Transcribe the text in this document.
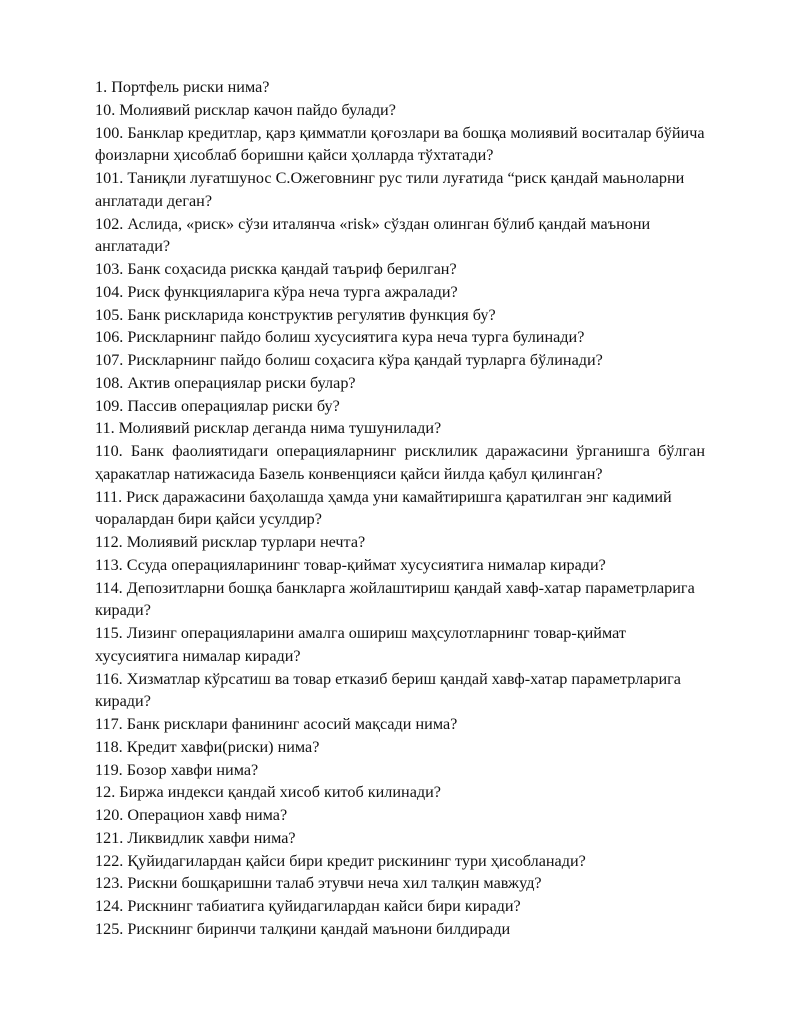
1. Портфель риски нима?

10. Молиявий рисклар качон пайдо булади?

100. Банклар кредитлар, қарз қимматли қоғозлари ва бошқа молиявий воситалар бўйича фоизларни ҳисоблаб боришни қайси ҳолларда тўхтатади?

101. Таниқли луғатшунос С.Ожеговнинг рус тили луғатида “риск қандай маьноларни англатади деган?

102. Аслида, «риск» сўзи италянча «risk» сўздан олинган бўлиб қандай маънони англатади?

103. Банк соҳасида рискка қандай таъриф берилган?

104. Риск функцияларига кўра неча турга ажралади?

105. Банк рискларида конструктив регулятив функция бу?

106. Рискларнинг пайдо болиш хусусиятига кура неча турга булинади?

107. Рискларнинг пайдо болиш соҳасига кўра қандай турларга бўлинади?

108. Актив операциялар риски булар?

109. Пассив операциялар риски бу?

11. Молиявий рисклар деганда нима тушунилади?

110. Банк фаолиятидаги операцияларнинг рисклилик даражасини ўрганишга бўлган ҳаракатлар натижасида Базель конвенцияси қайси йилда қабул қилинган?

111. Риск даражасини баҳолашда ҳамда уни камайтиришга қаратилган энг кадимий чоралардан бири қайси усулдир?

112. Молиявий рисклар турлари нечта?

113. Ссуда операцияларининг товар-қиймат хусусиятига нималар киради?

114. Депозитларни бошқа банкларга жойлаштириш қандай хавф-хатар параметрларига киради?

115. Лизинг операцияларини амалга ошириш маҳсулотларнинг товар-қиймат хусусиятига нималар киради?

116. Хизматлар кўрсатиш ва товар етказиб бериш қандай хавф-хатар параметрларига киради?

117. Банк рисклари фанининг асосий мақсади нима?

118. Кредит хавфи(риски) нима?

119. Бозор хавфи нима?

12. Биржа индекси қандай хисоб китоб килинади?

120. Операцион хавф нима?

121. Ликвидлик хавфи нима?

122. Қуйидагилардан қайси бири кредит рискининг тури ҳисобланади?

123. Рискни бошқаришни талаб этувчи неча хил талқин мавжуд?

124. Рискнинг табиатига қуйидагилардан кайси бири киради?

125. Рискнинг биринчи талқини қандай маънони билдиради
